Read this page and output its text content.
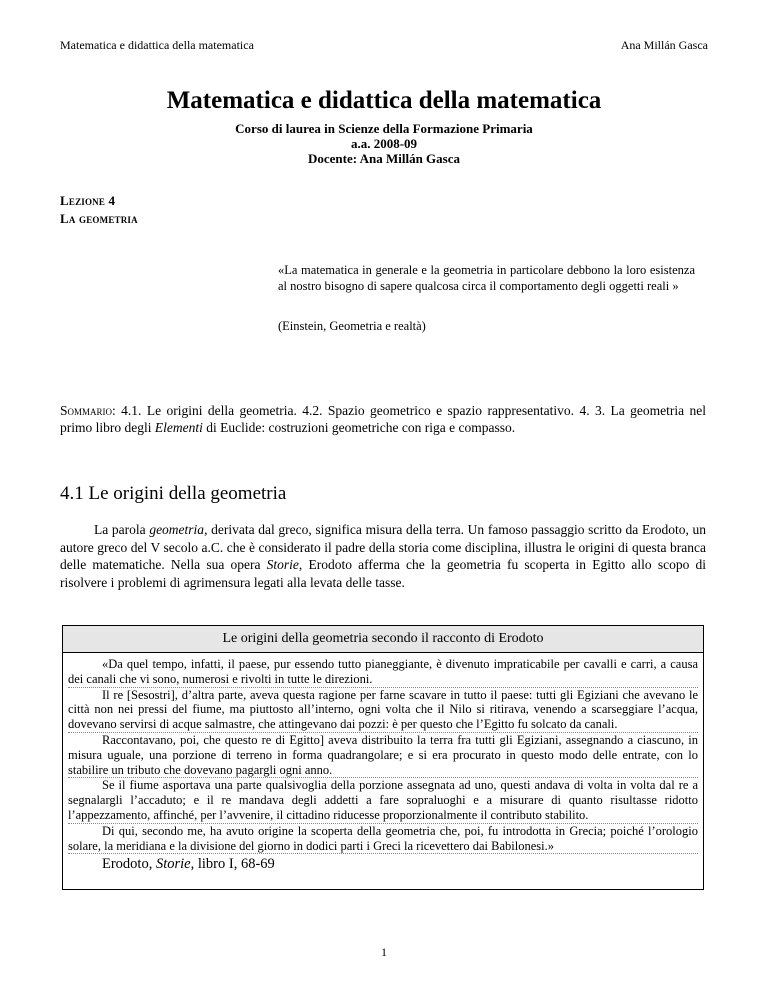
Matematica e didattica della matematica	Ana Millán Gasca
Matematica e didattica della matematica
Corso di laurea in Scienze della Formazione Primaria
a.a. 2008-09
Docente: Ana Millán Gasca
Lezione 4
La geometria
«La matematica in generale e la geometria in particolare debbono la loro esistenza al nostro bisogno di sapere qualcosa circa il comportamento degli oggetti reali »
(Einstein, Geometria e realtà)
Sommario: 4.1. Le origini della geometria. 4.2. Spazio geometrico e spazio rappresentativo. 4. 3. La geometria nel primo libro degli Elementi di Euclide: costruzioni geometriche con riga e compasso.
4.1 Le origini della geometria
La parola geometria, derivata dal greco, significa misura della terra. Un famoso passaggio scritto da Erodoto, un autore greco del V secolo a.C. che è considerato il padre della storia come disciplina, illustra le origini di questa branca delle matematiche. Nella sua opera Storie, Erodoto afferma che la geometria fu scoperta in Egitto allo scopo di risolvere i problemi di agrimensura legati alla levata delle tasse.
Le origini della geometria secondo il racconto di Erodoto

«Da quel tempo, infatti, il paese, pur essendo tutto pianeggiante, è divenuto impraticabile per cavalli e carri, a causa dei canali che vi sono, numerosi e rivolti in tutte le direzioni.

Il re [Sesostri], d’altra parte, aveva questa ragione per farne scavare in tutto il paese: tutti gli Egiziani che avevano le città non nei pressi del fiume, ma piuttosto all’interno, ogni volta che il Nilo si ritirava, venendo a scarseggiare l’acqua, dovevano servirsi di acque salmastre, che attingevano dai pozzi: è per questo che l’Egitto fu solcato da canali.

Raccontavano, poi, che questo re di Egitto] aveva distribuito la terra fra tutti gli Egiziani, assegnando a ciascuno, in misura uguale, una porzione di terreno in forma quadrangolare; e si era procurato in questo modo delle entrate, con lo stabilire un tributo che dovevano pagargli ogni anno.

Se il fiume asportava una parte qualsivoglia della porzione assegnata ad uno, questi andava di volta in volta dal re a segnalargli l’accaduto; e il re mandava degli addetti a fare sopraluoghi e a misurare di quanto risultasse ridotto l’appezzamento, affinché, per l’avvenire, il cittadino riducesse proporzionalmente il contributo stabilito.

Di qui, secondo me, ha avuto origine la scoperta della geometria che, poi, fu introdotta in Grecia; poiché l’orologio solare, la meridiana e la divisione del giorno in dodici parti i Greci la ricevettero dai Babilonesi.»

Erodoto, Storie, libro I, 68-69
1
